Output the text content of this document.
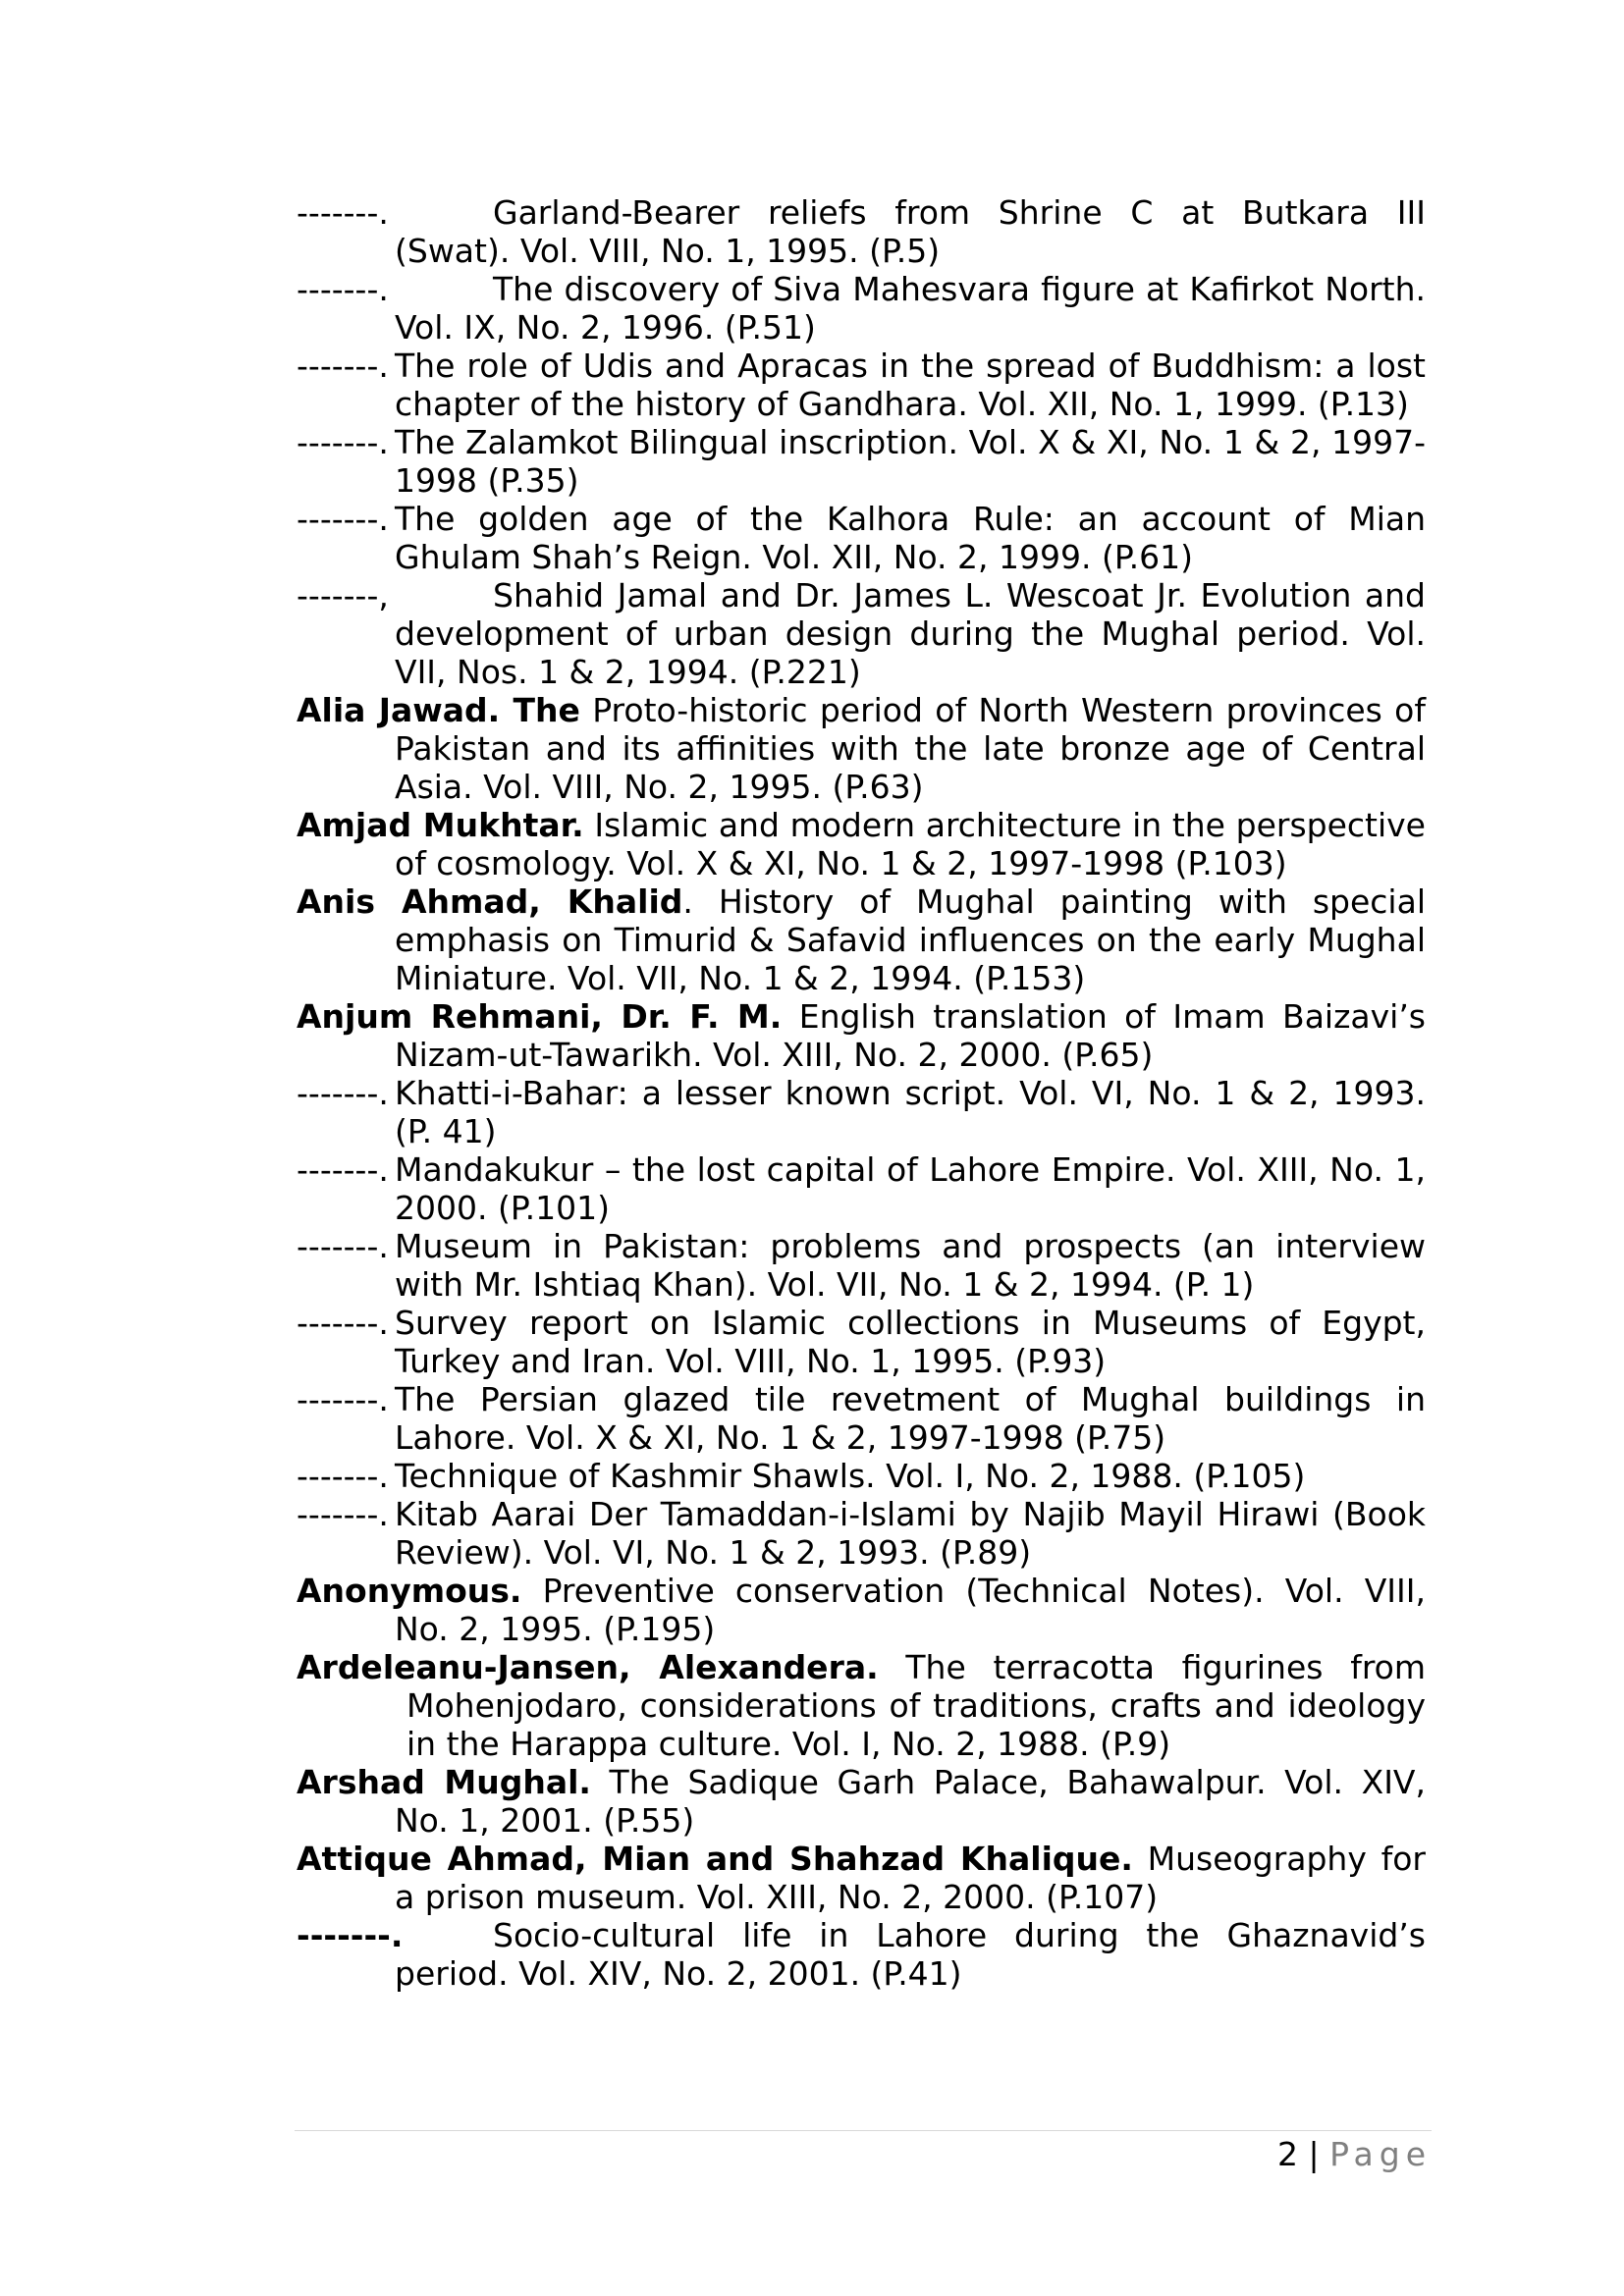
-------.	Garland-Bearer reliefs from Shrine C at Butkara III (Swat). Vol. VIII, No. 1, 1995. (P.5)

-------.	The discovery of Siva Mahesvara figure at Kafirkot North. Vol. IX, No. 2, 1996. (P.51)

-------. The role of Udis and Apracas in the spread of Buddhism: a lost chapter of the history of Gandhara. Vol. XII, No. 1, 1999. (P.13)

-------. The Zalamkot Bilingual inscription. Vol. X & XI, No. 1 & 2, 1997-1998 (P.35)

-------. The golden age of the Kalhora Rule: an account of Mian Ghulam Shah’s Reign. Vol. XII, No. 2, 1999. (P.61)

-------,	Shahid Jamal and Dr. James L. Wescoat Jr. Evolution and development of urban design during the Mughal period. Vol. VII, Nos. 1 & 2, 1994. (P.221)

Alia Jawad. The Proto-historic period of North Western provinces of Pakistan and its affinities with the late bronze age of Central Asia. Vol. VIII, No. 2, 1995. (P.63)

Amjad Mukhtar. Islamic and modern architecture in the perspective of cosmology. Vol. X & XI, No. 1 & 2, 1997-1998 (P.103)

Anis Ahmad, Khalid. History of Mughal painting with special emphasis on Timurid & Safavid influences on the early Mughal Miniature. Vol. VII, No. 1 & 2, 1994. (P.153)

Anjum Rehmani, Dr. F. M. English translation of Imam Baizavi’s Nizam-ut-Tawarikh. Vol. XIII, No. 2, 2000. (P.65)

-------. Khatti-i-Bahar: a lesser known script. Vol. VI, No. 1 & 2, 1993. (P. 41)

-------. Mandakukur – the lost capital of Lahore Empire. Vol. XIII, No. 1, 2000. (P.101)

-------. Museum in Pakistan: problems and prospects (an interview with Mr. Ishtiaq Khan). Vol. VII, No. 1 & 2, 1994. (P. 1)

-------. Survey report on Islamic collections in Museums of Egypt, Turkey and Iran. Vol. VIII, No. 1, 1995. (P.93)

-------. The Persian glazed tile revetment of Mughal buildings in Lahore. Vol. X & XI, No. 1 & 2, 1997-1998 (P.75)

-------. Technique of Kashmir Shawls. Vol. I, No. 2, 1988. (P.105)

-------. Kitab Aarai Der Tamaddan-i-Islami by Najib Mayil Hirawi (Book Review). Vol. VI, No. 1 & 2, 1993. (P.89)

Anonymous. Preventive conservation (Technical Notes). Vol. VIII, No. 2, 1995. (P.195)

Ardeleanu-Jansen, Alexandera. The terracotta figurines from Mohenjodaro, considerations of traditions, crafts and ideology in the Harappa culture. Vol. I, No. 2, 1988. (P.9)

Arshad Mughal. The Sadique Garh Palace, Bahawalpur. Vol. XIV, No. 1, 2001. (P.55)

Attique Ahmad, Mian and Shahzad Khalique. Museography for a prison museum. Vol. XIII, No. 2, 2000. (P.107)

-------.	Socio-cultural life in Lahore during the Ghaznavid’s period. Vol. XIV, No. 2, 2001. (P.41)

2 | Page
